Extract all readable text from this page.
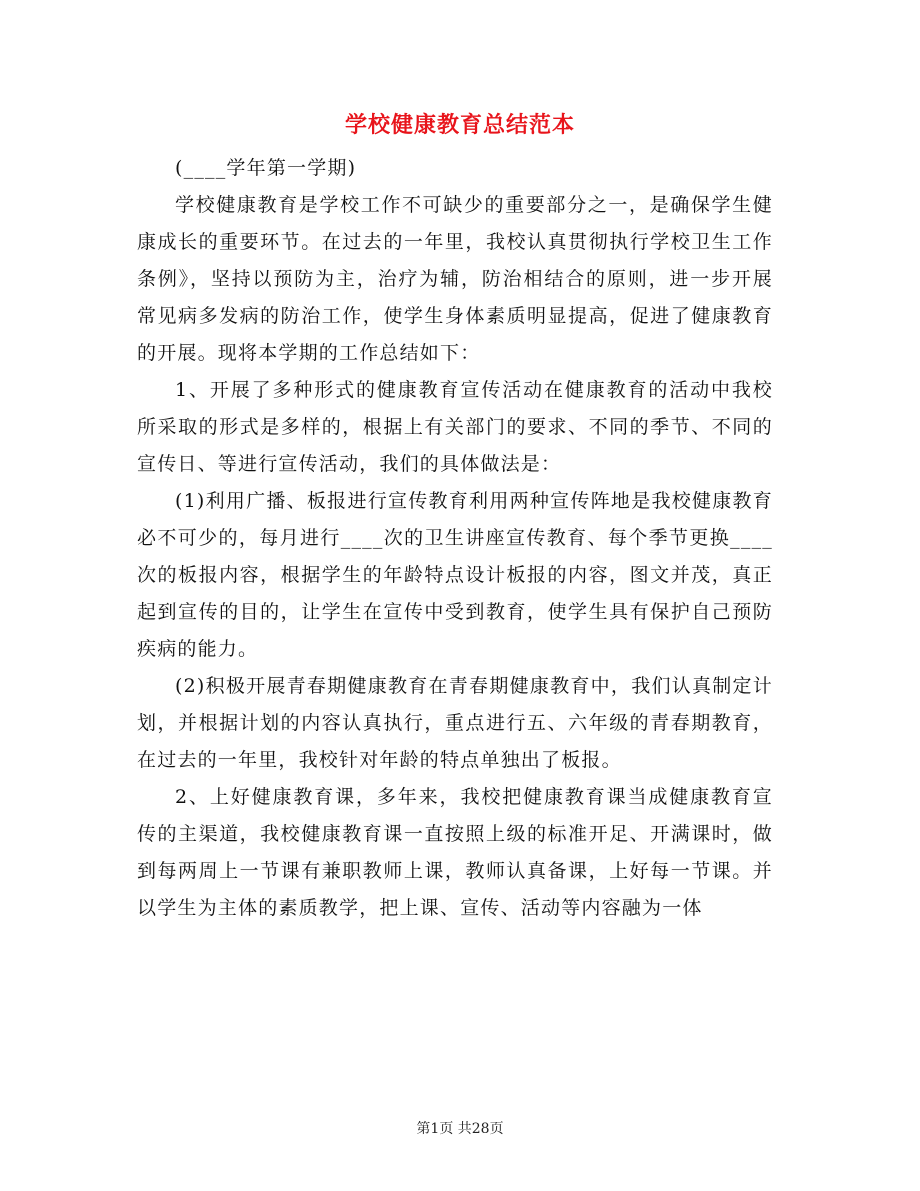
学校健康教育总结范本

(____学年第一学期)

学校健康教育是学校工作不可缺少的重要部分之一，是确保学生健康成长的重要环节。在过去的一年里，我校认真贯彻执行学校卫生工作条例》，坚持以预防为主，治疗为辅，防治相结合的原则，进一步开展常见病多发病的防治工作，使学生身体素质明显提高，促进了健康教育的开展。现将本学期的工作总结如下：

1、开展了多种形式的健康教育宣传活动在健康教育的活动中我校所采取的形式是多样的，根据上有关部门的要求、不同的季节、不同的宣传日、等进行宣传活动，我们的具体做法是：

(1)利用广播、板报进行宣传教育利用两种宣传阵地是我校健康教育必不可少的，每月进行____次的卫生讲座宣传教育、每个季节更换____次的板报内容，根据学生的年龄特点设计板报的内容，图文并茂，真正起到宣传的目的，让学生在宣传中受到教育，使学生具有保护自己预防疾病的能力。

(2)积极开展青春期健康教育在青春期健康教育中，我们认真制定计划，并根据计划的内容认真执行，重点进行五、六年级的青春期教育，在过去的一年里，我校针对年龄的特点单独出了板报。

2、上好健康教育课，多年来，我校把健康教育课当成健康教育宣传的主渠道，我校健康教育课一直按照上级的标准开足、开满课时，做到每两周上一节课有兼职教师上课，教师认真备课，上好每一节课。并以学生为主体的素质教学，把上课、宣传、活动等内容融为一体

第1页 共28页
